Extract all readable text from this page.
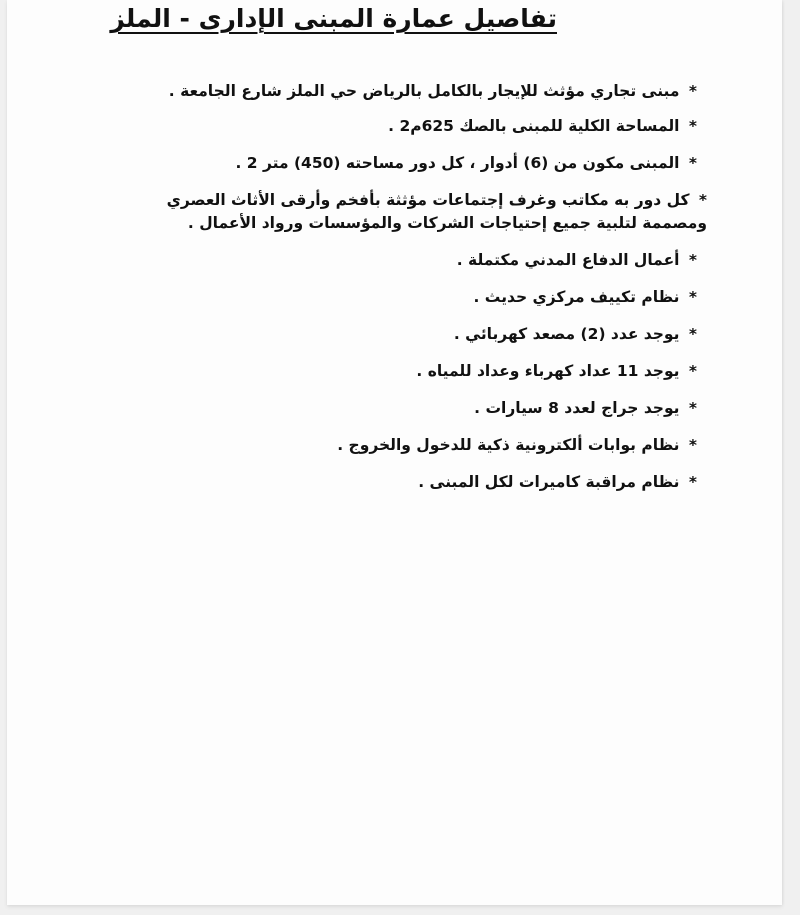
تفاصيل عمارة المبنى الإدارى - الملز
* مبنى تجاري مؤثث للإيجار بالكامل بالرياض حي الملز شارع الجامعة .
* المساحة الكلية للمبنى بالصك 625م2 .
* المبنى مكون من (6) أدوار ، كل دور مساحته (450) متر 2 .
* كل دور به مكاتب وغرف إجتماعات مؤثثة بأفخم وأرقى الأثاث العصري ومصممة لتلبية جميع إحتياجات الشركات والمؤسسات ورواد الأعمال .
* أعمال الدفاع المدني مكتملة .
* نظام تكييف مركزي حديث .
* يوجد عدد (2) مصعد كهربائي .
* يوجد 11 عداد كهرباء وعداد للمياه .
* يوجد جراج لعدد 8 سيارات .
* نظام بوابات ألكترونية ذكية للدخول والخروج .
* نظام مراقبة كاميرات لكل المبنى .
